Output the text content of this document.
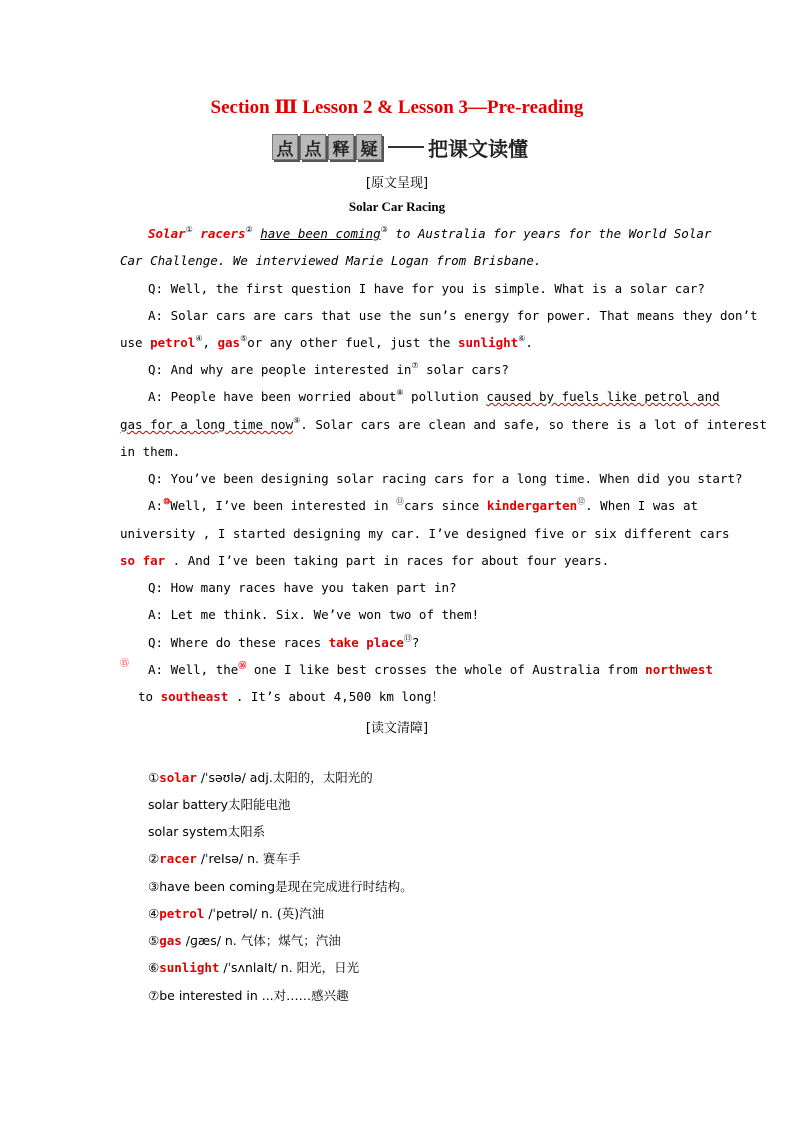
Section Ⅲ Lesson 2 & Lesson 3—Pre-reading
点 点 释 疑	把课文读懂
[原文呈现]
Solar Car Racing
Solar① racers② have been coming③ to Australia for years for the World Solar
Car Challenge. We interviewed Marie Logan from Brisbane.
Q: Well, the first question I have for you is simple. What is a solar car?
A: Solar cars are cars that use the sun’s energy for power. That means they don’t
use petrol④, gas⑤or any other fuel, just the sunlight⑥.
Q: And why are people interested in⑦ solar cars?
A: People have been worried about⑧ pollution caused by fuels like petrol and
gas for a long time now⑨. Solar cars are clean and safe, so there is a lot of interest
in them.
Q: You’ve been designing solar racing cars for a long time. When did you start?
A:⑩Well, I’ve been interested in ⑪cars since kindergarten⑫. When I was at
university , I started designing my car. I’ve designed five or six different cars
so far . And I’ve been taking part in races for about four years.
Q: How many races have you taken part in?
A: Let me think. Six. We’ve won two of them!
Q: Where do these races take place⑬?
⑮ A: Well, the⑯ one I like best crosses the whole of Australia from northwest
to southeast . It’s about 4,500 km long！
[读文清障]
①solar /ˈsəʊlə/ adj.太阳的，太阳光的
solar battery太阳能电池
solar system太阳系
②racer /ˈreIsə/ n. 赛车手
③have been coming是现在完成进行时结构。
④petrol /ˈpetrəl/ n. (英)汽油
⑤gas /ɡæs/ n. 气体；煤气；汽油
⑥sunlight /ˈsʌnlaIt/ n. 阳光，日光
⑦be interested in ...对……感兴趣
